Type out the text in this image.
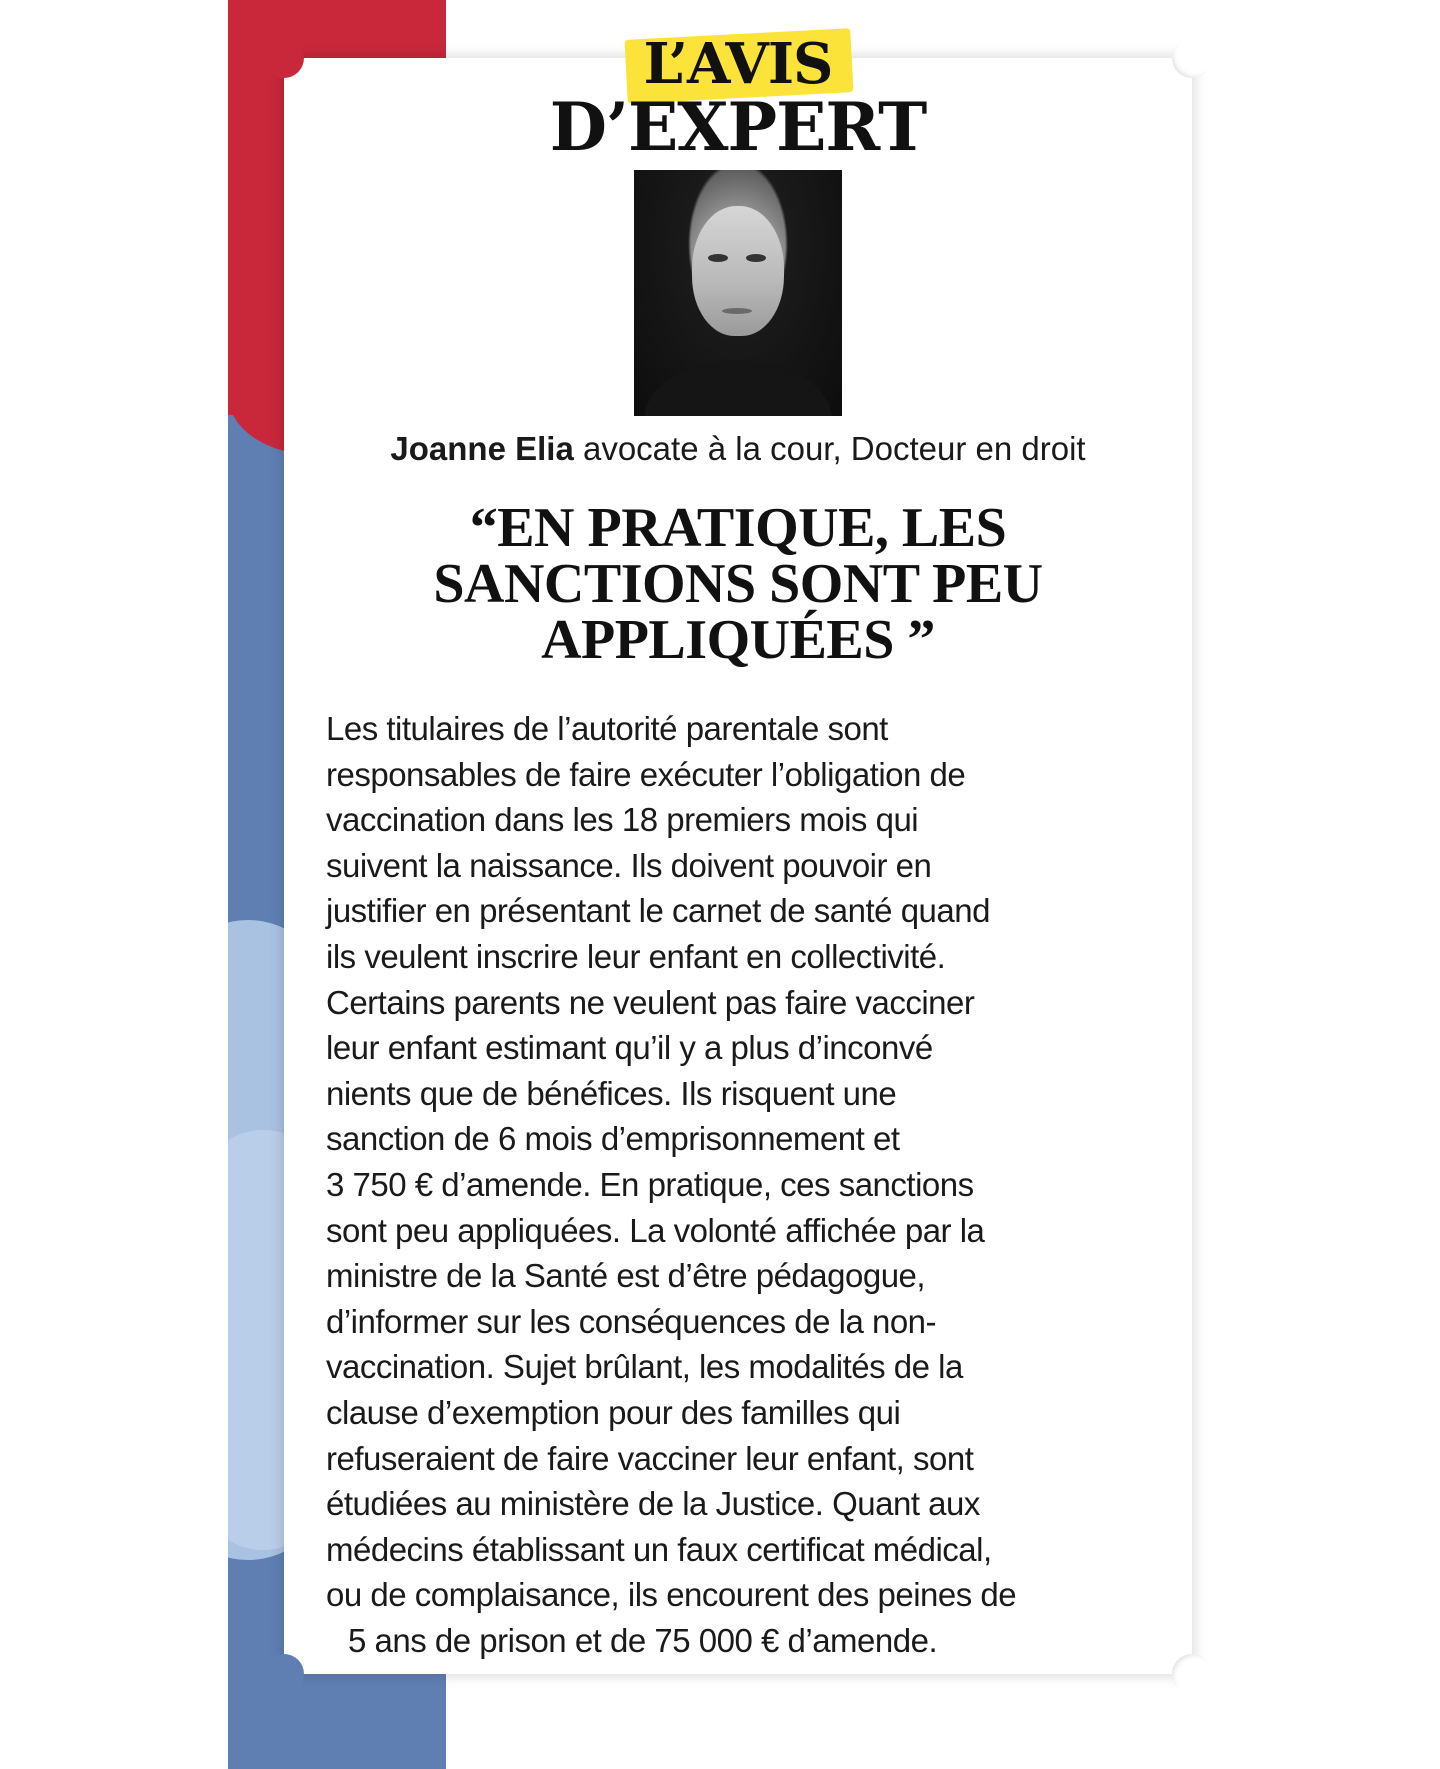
L’AVIS
D’EXPERT
Joanne Elia avocate à la cour, Docteur en droit
“EN PRATIQUE, LES
SANCTIONS SONT PEU
APPLIQUÉES ”
Les titulaires de l’autorité parentale sont
responsables de faire exécuter l’obligation de
vaccination dans les 18 premiers mois qui
suivent la naissance. Ils doivent pouvoir en
justifier en présentant le carnet de santé quand
ils veulent inscrire leur enfant en collectivité.
Certains parents ne veulent pas faire vacciner
leur enfant estimant qu’il y a plus d’inconvé
nients que de bénéfices. Ils risquent une
sanction de 6 mois d’emprisonnement et
3 750 € d’amende. En pratique, ces sanctions
sont peu appliquées. La volonté affichée par la
ministre de la Santé est d’être pédagogue,
d’informer sur les conséquences de la non-
vaccination. Sujet brûlant, les modalités de la
clause d’exemption pour des familles qui
refuseraient de faire vacciner leur enfant, sont
étudiées au ministère de la Justice. Quant aux
médecins établissant un faux certificat médical,
ou de complaisance, ils encourent des peines de
5 ans de prison et de 75 000 € d’amende.
